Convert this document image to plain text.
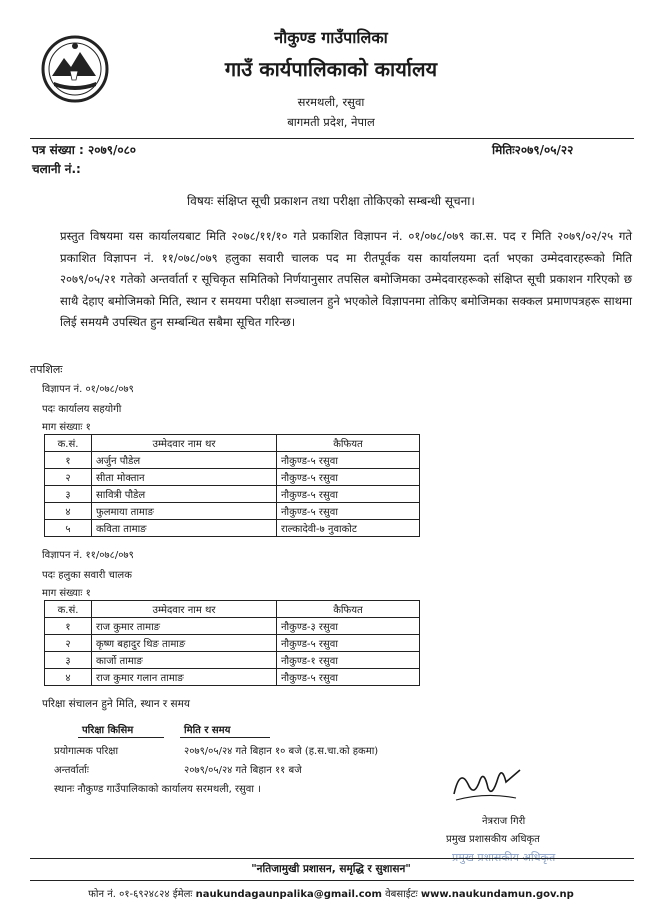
नौकुण्ड गाउँपालिका
गाउँ कार्यपालिकाको कार्यालय
सरमथली, रसुवा
बागमती प्रदेश, नेपाल
पत्र संख्या : २०७९/०८०	मितिः२०७९/०५/२२
चलानी नं.:
विषयः संक्षिप्त सूची प्रकाशन तथा परीक्षा तोकिएको सम्बन्धी सूचना।
प्रस्तुत विषयमा यस कार्यालयबाट मिति २०७८/११/१० गते प्रकाशित विज्ञापन नं. ०१/०७८/०७९ का.स. पद र मिति २०७९/०२/२५ गते प्रकाशित विज्ञापन नं. ११/०७८/०७९ हलुका सवारी चालक पद मा रीतपूर्वक यस कार्यालयमा दर्ता भएका उम्मेदवारहरूको मिति २०७९/०५/२१ गतेको अन्तर्वार्ता र सूचिकृत समितिको निर्णयानुसार तपसिल बमोजिमका उम्मेदवारहरूको संक्षिप्त सूची प्रकाशन गरिएको छ साथै देहाए बमोजिमको मिति, स्थान र समयमा परीक्षा सञ्चालन हुने भएकोले विज्ञापनमा तोकिए बमोजिमका सक्कल प्रमाणपत्रहरू साथमा लिई समयमै उपस्थित हुन सम्बन्धित सबैमा सूचित गरिन्छ।
तपशिलः
विज्ञापन नं. ०१/०७८/०७९
पदः कार्यालय सहयोगी
माग संख्याः १
क.सं.	उम्मेदवार नाम थर	कैफियत
१	अर्जुन पौडेल	नौकुण्ड-५ रसुवा
२	सीता मोक्तान	नौकुण्ड-५ रसुवा
३	सावित्री पौडेल	नौकुण्ड-५ रसुवा
४	फुलमाया तामाङ	नौकुण्ड-५ रसुवा
५	कविता तामाङ	राल्कादेवी-७ नुवाकोट
विज्ञापन नं. ११/०७८/०७९
पदः हलुका सवारी चालक
माग संख्याः १
क.सं.	उम्मेदवार नाम थर	कैफियत
१	राज कुमार तामाङ	नौकुण्ड-३ रसुवा
२	कृष्ण बहादुर थिङ तामाङ	नौकुण्ड-५ रसुवा
३	कार्जो तामाङ	नौकुण्ड-१ रसुवा
४	राज कुमार गलान तामाङ	नौकुण्ड-५ रसुवा
परिक्षा संचालन हुने मिति, स्थान र समय
परिक्षा किसिम	मिति र समय
प्रयोगात्मक परिक्षा	२०७९/०५/२४ गते बिहान १० बजे (ह.स.चा.को हकमा)
अन्तर्वार्ताः	२०७९/०५/२४ गते बिहान ११ बजे
स्थानः नौकुण्ड गाउँपालिकाको कार्यालय सरमथली, रसुवा ।
नेत्रराज गिरी
प्रमुख प्रशासकीय अधिकृत
प्रमुख प्रशासकीय अधिकृत
"नतिजामुखी प्रशासन, समृद्धि र सुशासन"
फोन नं. ०१-६९२४८२४ ईमेलः naukundagaunpalika@gmail.com वेबसाईटः www.naukundamun.gov.np
